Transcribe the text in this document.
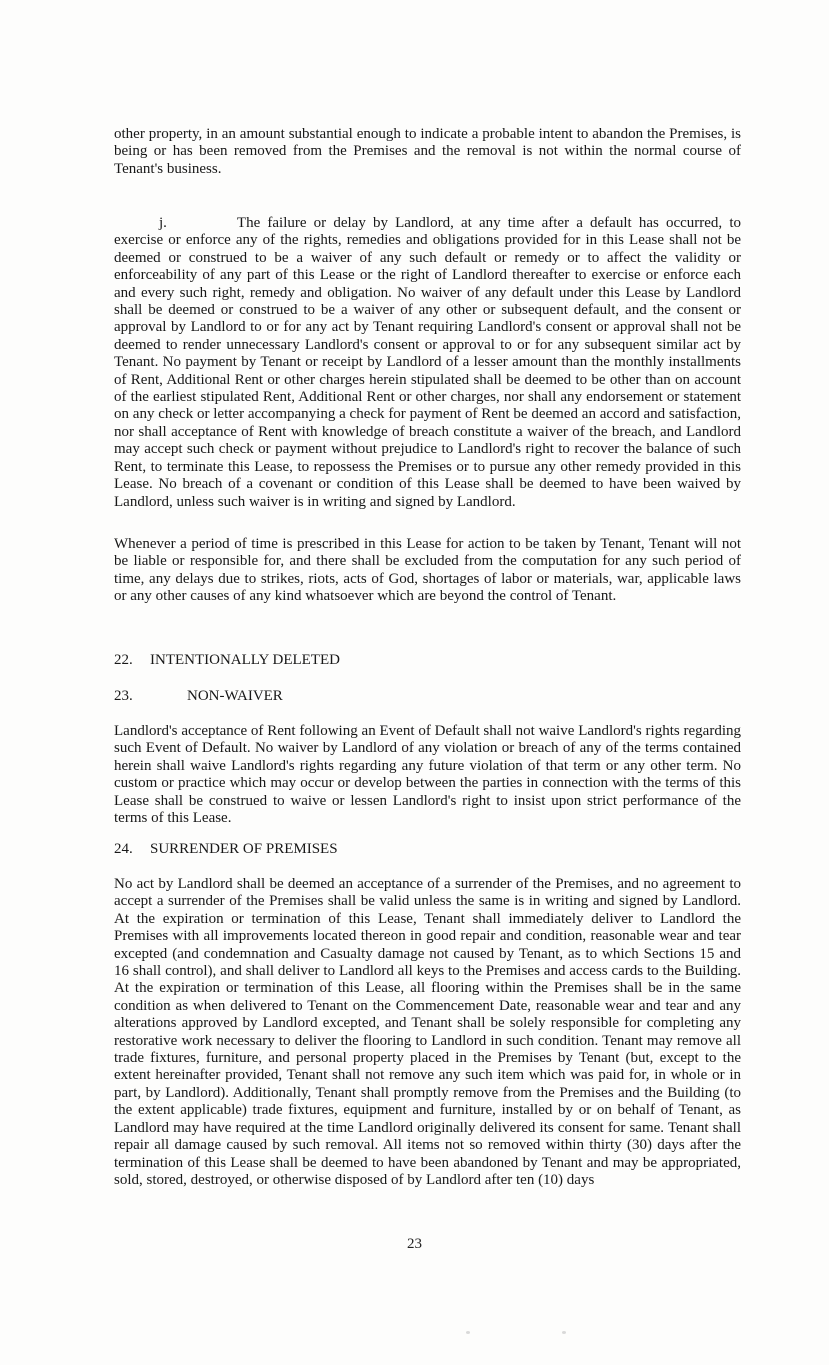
other property, in an amount substantial enough to indicate a probable intent to abandon the Premises, is being or has been removed from the Premises and the removal is not within the normal course of Tenant's business.

j.	The failure or delay by Landlord, at any time after a default has occurred, to exercise or enforce any of the rights, remedies and obligations provided for in this Lease shall not be deemed or construed to be a waiver of any such default or remedy or to affect the validity or enforceability of any part of this Lease or the right of Landlord thereafter to exercise or enforce each and every such right, remedy and obligation. No waiver of any default under this Lease by Landlord shall be deemed or construed to be a waiver of any other or subsequent default, and the consent or approval by Landlord to or for any act by Tenant requiring Landlord's consent or approval shall not be deemed to render unnecessary Landlord's consent or approval to or for any subsequent similar act by Tenant. No payment by Tenant or receipt by Landlord of a lesser amount than the monthly installments of Rent, Additional Rent or other charges herein stipulated shall be deemed to be other than on account of the earliest stipulated Rent, Additional Rent or other charges, nor shall any endorsement or statement on any check or letter accompanying a check for payment of Rent be deemed an accord and satisfaction, nor shall acceptance of Rent with knowledge of breach constitute a waiver of the breach, and Landlord may accept such check or payment without prejudice to Landlord's right to recover the balance of such Rent, to terminate this Lease, to repossess the Premises or to pursue any other remedy provided in this Lease. No breach of a covenant or condition of this Lease shall be deemed to have been waived by Landlord, unless such waiver is in writing and signed by Landlord.

Whenever a period of time is prescribed in this Lease for action to be taken by Tenant, Tenant will not be liable or responsible for, and there shall be excluded from the computation for any such period of time, any delays due to strikes, riots, acts of God, shortages of labor or materials, war, applicable laws or any other causes of any kind whatsoever which are beyond the control of Tenant.

22. INTENTIONALLY DELETED
23.	NON-WAIVER

Landlord's acceptance of Rent following an Event of Default shall not waive Landlord's rights regarding such Event of Default. No waiver by Landlord of any violation or breach of any of the terms contained herein shall waive Landlord's rights regarding any future violation of that term or any other term. No custom or practice which may occur or develop between the parties in connection with the terms of this Lease shall be construed to waive or lessen Landlord's right to insist upon strict performance of the terms of this Lease.

24. SURRENDER OF PREMISES

No act by Landlord shall be deemed an acceptance of a surrender of the Premises, and no agreement to accept a surrender of the Premises shall be valid unless the same is in writing and signed by Landlord. At the expiration or termination of this Lease, Tenant shall immediately deliver to Landlord the Premises with all improvements located thereon in good repair and condition, reasonable wear and tear excepted (and condemnation and Casualty damage not caused by Tenant, as to which Sections 15 and 16 shall control), and shall deliver to Landlord all keys to the Premises and access cards to the Building. At the expiration or termination of this Lease, all flooring within the Premises shall be in the same condition as when delivered to Tenant on the Commencement Date, reasonable wear and tear and any alterations approved by Landlord excepted, and Tenant shall be solely responsible for completing any restorative work necessary to deliver the flooring to Landlord in such condition. Tenant may remove all trade fixtures, furniture, and personal property placed in the Premises by Tenant (but, except to the extent hereinafter provided, Tenant shall not remove any such item which was paid for, in whole or in part, by Landlord). Additionally, Tenant shall promptly remove from the Premises and the Building (to the extent applicable) trade fixtures, equipment and furniture, installed by or on behalf of Tenant, as Landlord may have required at the time Landlord originally delivered its consent for same. Tenant shall repair all damage caused by such removal. All items not so removed within thirty (30) days after the termination of this Lease shall be deemed to have been abandoned by Tenant and may be appropriated, sold, stored, destroyed, or otherwise disposed of by Landlord after ten (10) days

23
